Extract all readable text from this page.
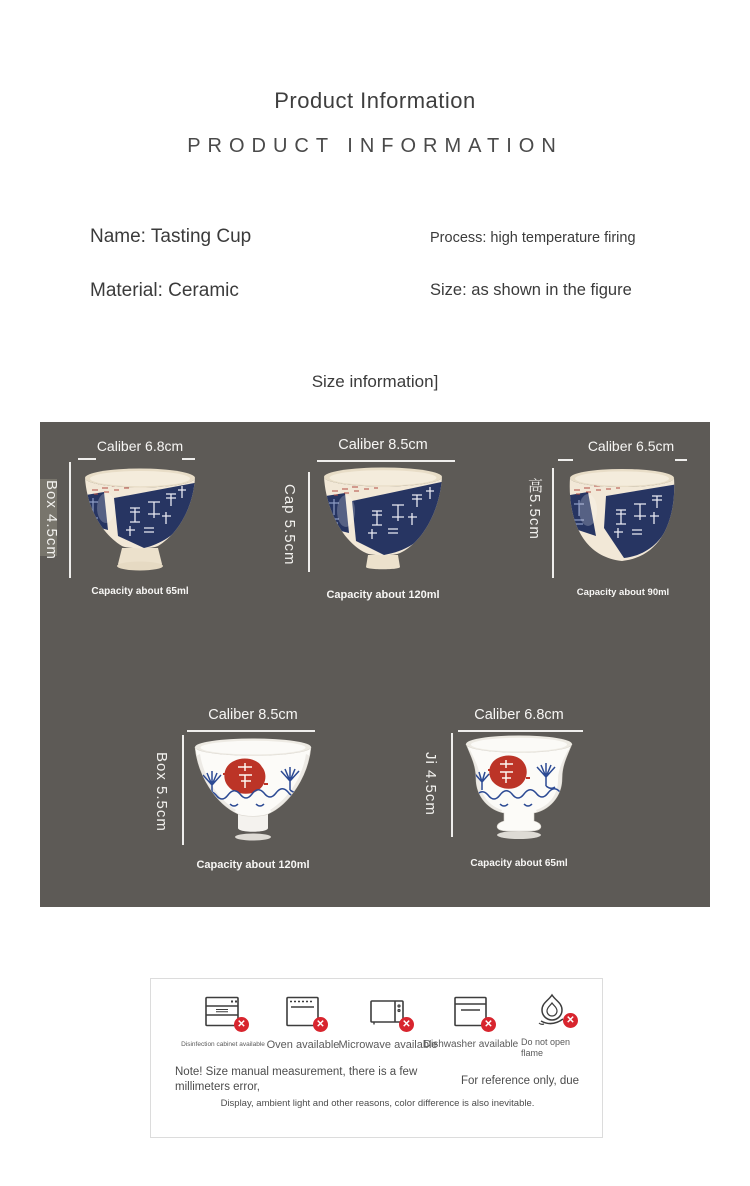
Product Information
PRODUCT INFORMATION
Name: Tasting Cup	Process: high temperature firing
Material: Ceramic	Size: as shown in the figure
Size information]
Caliber 6.8cm
Box 4.5cm
Capacity about 65ml
Caliber 8.5cm
Cap 5.5cm
Capacity about 120ml
Caliber 6.5cm
高5.5cm
Capacity about 90ml
Caliber 8.5cm
Box 5.5cm
Capacity about 120ml
Caliber 6.8cm
Ji 4.5cm
Capacity about 65ml
✕
Disinfection cabinet available
✕
Oven available
✕
Microwave available
✕
Dishwasher available
✕
Do not open flame
Note! Size manual measurement, there is a few millimeters error,	For reference only, due
Display, ambient light and other reasons, color difference is also inevitable.
